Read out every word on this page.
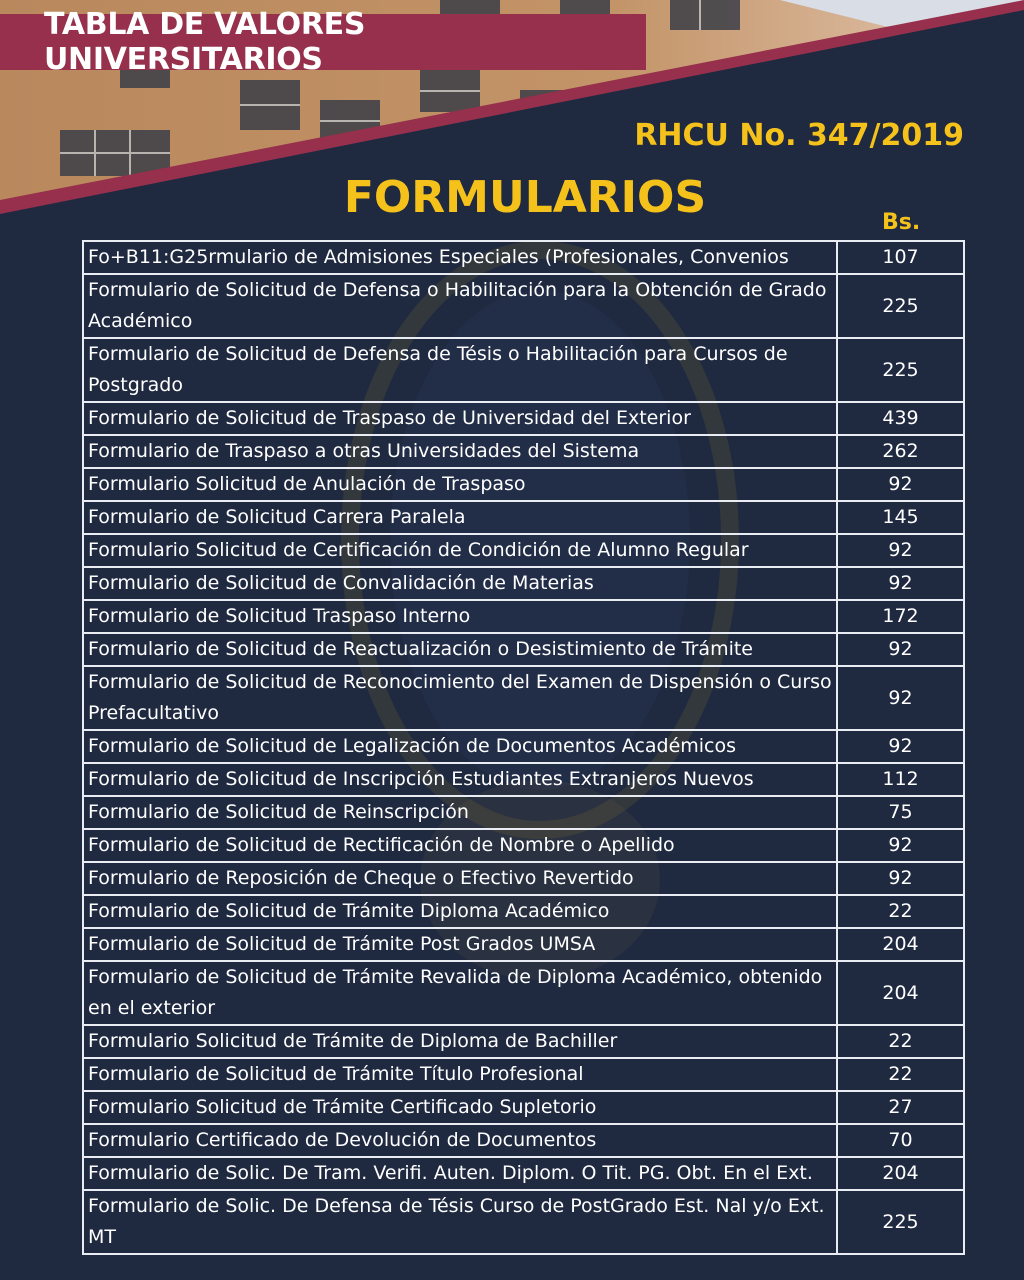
TABLA DE VALORES UNIVERSITARIOS
RHCU No. 347/2019
FORMULARIOS	Bs.
Fo+B11:G25rmulario de Admisiones Especiales (Profesionales, Convenios	107
Formulario de Solicitud de Defensa o Habilitación para la Obtención de Grado Académico	225
Formulario de Solicitud de Defensa de Tésis o Habilitación para Cursos de Postgrado	225
Formulario de Solicitud de Traspaso de Universidad del Exterior	439
Formulario de Traspaso a otras Universidades del Sistema	262
Formulario Solicitud de Anulación de Traspaso	92
Formulario de Solicitud Carrera Paralela	145
Formulario Solicitud de Certificación de Condición de Alumno Regular	92
Formulario de Solicitud de Convalidación de Materias	92
Formulario de Solicitud Traspaso Interno	172
Formulario de Solicitud de Reactualización o Desistimiento de Trámite	92
Formulario de Solicitud de Reconocimiento del Examen de Dispensión o Curso Prefacultativo	92
Formulario de Solicitud de Legalización de Documentos Académicos	92
Formulario de Solicitud de Inscripción Estudiantes Extranjeros Nuevos	112
Formulario de Solicitud de Reinscripción	75
Formulario de Solicitud de Rectificación de Nombre o Apellido	92
Formulario de Reposición de Cheque o Efectivo Revertido	92
Formulario de Solicitud de Trámite Diploma Académico	22
Formulario de Solicitud de Trámite Post Grados UMSA	204
Formulario de Solicitud de Trámite Revalida de Diploma Académico, obtenido en el exterior	204
Formulario Solicitud de Trámite de Diploma de Bachiller	22
Formulario de Solicitud de Trámite Título Profesional	22
Formulario Solicitud de Trámite Certificado Supletorio	27
Formulario Certificado de Devolución de Documentos	70
Formulario de Solic. De Tram. Verifi. Auten. Diplom. O Tit. PG. Obt. En el Ext.	204
Formulario de Solic. De Defensa de Tésis Curso de PostGrado Est. Nal y/o Ext. MT	225
